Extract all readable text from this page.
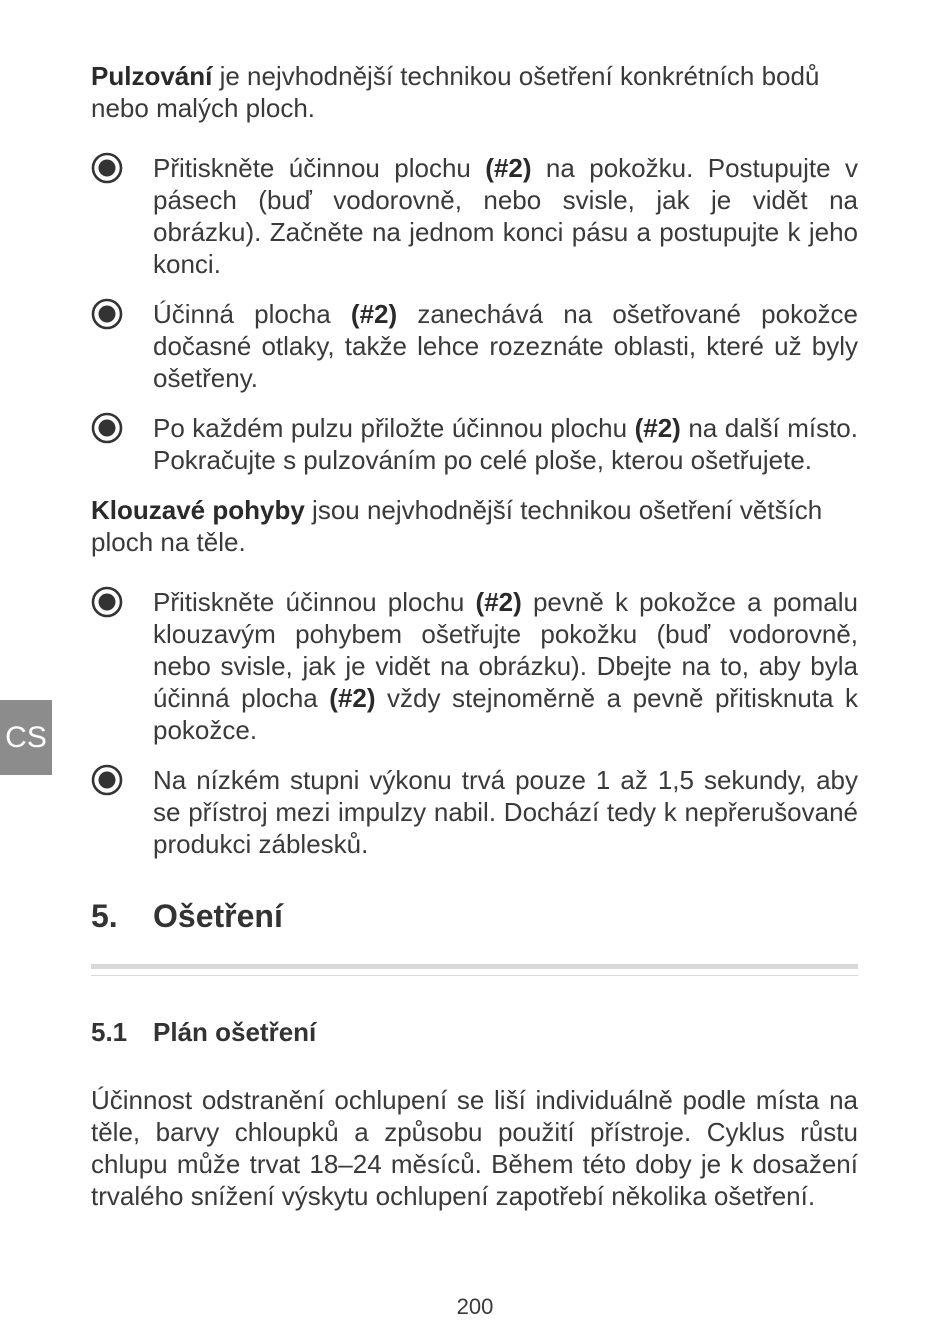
CS

Pulzování je nejvhodnější technikou ošetření konkrétních bodů nebo malých ploch.

Přitiskněte účinnou plochu (#2) na pokožku. Postupujte v pásech (buď vodorovně, nebo svisle, jak je vidět na obrázku). Začněte na jednom konci pásu a postupujte k jeho konci.
Účinná plocha (#2) zanechává na ošetřované pokožce dočasné otlaky, takže lehce rozeznáte oblasti, které už byly ošetřeny.
Po každém pulzu přiložte účinnou plochu (#2) na další místo. Pokračujte s pulzováním po celé ploše, kterou ošetřujete.

Klouzavé pohyby jsou nejvhodnější technikou ošetření větších ploch na těle.

Přitiskněte účinnou plochu (#2) pevně k pokožce a pomalu klouzavým pohybem ošetřujte pokožku (buď vodorovně, nebo svisle, jak je vidět na obrázku). Dbejte na to, aby byla účinná plocha (#2) vždy stejnoměrně a pevně přitisknuta k pokožce.
Na nízkém stupni výkonu trvá pouze 1 až 1,5 sekundy, aby se přístroj mezi impulzy nabil. Dochází tedy k nepřerušované produkci záblesků.
5.	Ošetření
5.1 Plán ošetření

Účinnost odstranění ochlupení se liší individuálně podle místa na těle, barvy chloupků a způsobu použití přístroje. Cyklus růstu chlupu může trvat 18–24 měsíců. Během této doby je k dosažení trvalého snížení výskytu ochlupení zapotřebí několika ošetření.

200
